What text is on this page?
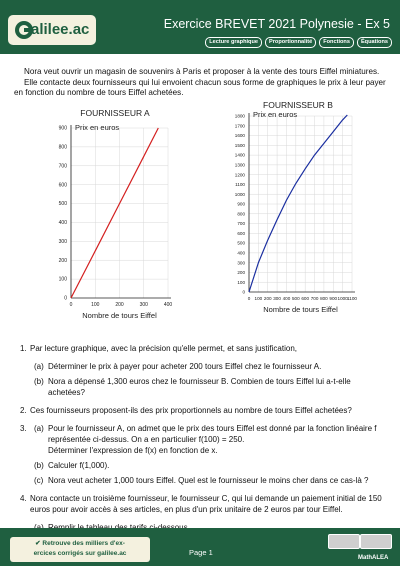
alilee.ac	Exercice BREVET 2021 Polynesie - Ex 5
Lecture graphique	Proportionnalité	Fonctions	Équations

Nora veut ouvrir un magasin de souvenirs à Paris et proposer à la vente des tours Eiffel miniatures.

Elle contacte deux fournisseurs qui lui envoient chacun sous forme de graphiques le prix à leur payer en fonction du nombre de tours Eiffel achetées.

100
200
300
400
500
600
700
800
900
0	100	200	300	400
0
FOURNISSEUR A
Prix en euros
Nombre de tours Eiffel
100
200
300
400
500
600
700
800
900
1000
1100
1200
1300
1400
1500
1600
1700
1800
0 100 200 300 400 500 600 700 800 900 1000 1100
0
FOURNISSEUR B
Prix en euros
Nombre de tours Eiffel
1. Par lecture graphique, avec la précision qu'elle permet, et sans justification,
(a) Déterminer le prix à payer pour acheter 200 tours Eiffel chez le fournisseur A.
(b) Nora a dépensé 1,300 euros chez le fournisseur B. Combien de tours Eiffel lui a-t-elle achetées?
2. Ces fournisseurs proposent-ils des prix proportionnels au nombre de tours Eiffel achetées?
3. (a) Pour le fournisseur A, on admet que le prix des tours Eiffel est donné par la fonction linéaire f
représentée ci-dessus. On a en particulier f(100) = 250.
Déterminer l'expression de f(x) en fonction de x.
(b) Calculer f(1,000).
(c) Nora veut acheter 1,000 tours Eiffel. Quel est le fournisseur le moins cher dans ce cas-là ?
4. Nora contacte un troisième fournisseur, le fournisseur C, qui lui demande un paiement initial de 150 euros pour avoir accès à ses articles, en plus d'un prix unitaire de 2 euros par tour Eiffel.
✔ Retrouve des milliers d'ex-
ercices corrigés sur galilee.ac	Page 1
MathALEA
